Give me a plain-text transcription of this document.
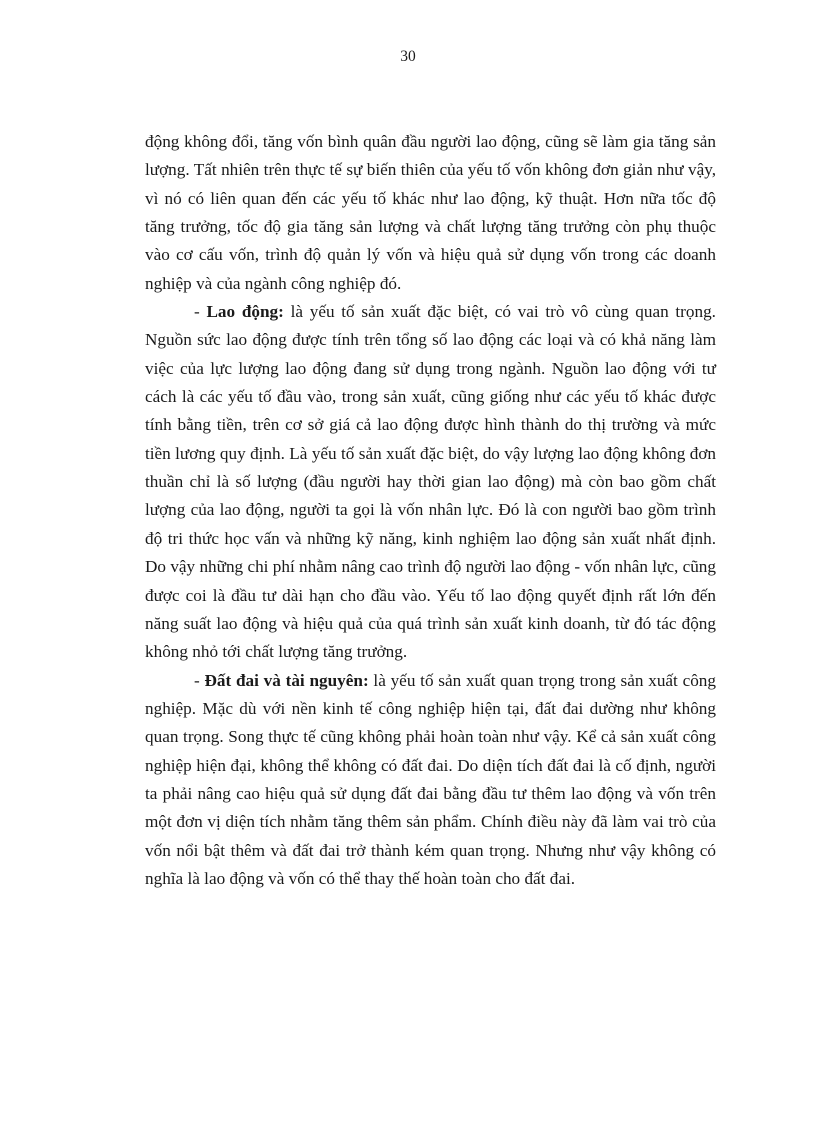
30

động không đổi, tăng vốn bình quân đầu người lao động, cũng sẽ làm gia tăng sản lượng. Tất nhiên trên thực tế sự biến thiên của yếu tố vốn không đơn giản như vậy, vì nó có liên quan đến các yếu tố khác như lao động, kỹ thuật. Hơn nữa tốc độ tăng trưởng, tốc độ gia tăng sản lượng và chất lượng tăng trưởng còn phụ thuộc vào cơ cấu vốn, trình độ quản lý vốn và hiệu quả sử dụng vốn trong các doanh nghiệp và của ngành công nghiệp đó.

- Lao động: là yếu tố sản xuất đặc biệt, có vai trò vô cùng quan trọng. Nguồn sức lao động được tính trên tổng số lao động các loại và có khả năng làm việc của lực lượng lao động đang sử dụng trong ngành. Nguồn lao động với tư cách là các yếu tố đầu vào, trong sản xuất, cũng giống như các yếu tố khác được tính bằng tiền, trên cơ sở giá cả lao động được hình thành do thị trường và mức tiền lương quy định. Là yếu tố sản xuất đặc biệt, do vậy lượng lao động không đơn thuần chỉ là số lượng (đầu người hay thời gian lao động) mà còn bao gồm chất lượng của lao động, người ta gọi là vốn nhân lực. Đó là con người bao gồm trình độ tri thức học vấn và những kỹ năng, kinh nghiệm lao động sản xuất nhất định. Do vậy những chi phí nhằm nâng cao trình độ người lao động - vốn nhân lực, cũng được coi là đầu tư dài hạn cho đầu vào. Yếu tố lao động quyết định rất lớn đến năng suất lao động và hiệu quả của quá trình sản xuất kinh doanh, từ đó tác động không nhỏ tới chất lượng tăng trưởng.

- Đất đai và tài nguyên: là yếu tố sản xuất quan trọng trong sản xuất công nghiệp. Mặc dù với nền kinh tế công nghiệp hiện tại, đất đai dường như không quan trọng. Song thực tế cũng không phải hoàn toàn như vậy. Kể cả sản xuất công nghiệp hiện đại, không thể không có đất đai. Do diện tích đất đai là cố định, người ta phải nâng cao hiệu quả sử dụng đất đai bằng đầu tư thêm lao động và vốn trên một đơn vị diện tích nhằm tăng thêm sản phẩm. Chính điều này đã làm vai trò của vốn nổi bật thêm và đất đai trở thành kém quan trọng. Nhưng như vậy không có nghĩa là lao động và vốn có thể thay thế hoàn toàn cho đất đai.
